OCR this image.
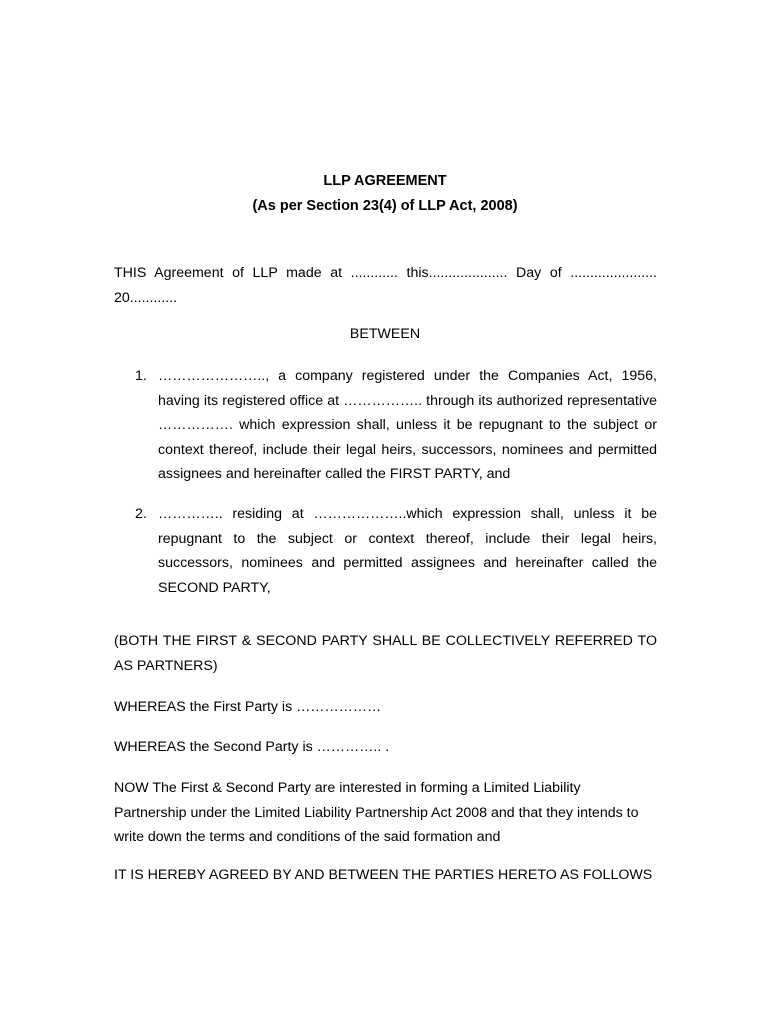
LLP AGREEMENT
(As per Section 23(4) of LLP Act, 2008)
THIS Agreement of LLP made at ............ this.................... Day of ...................... 20............
BETWEEN
1. ………………….., a company registered under the Companies Act, 1956, having its registered office at …………….. through its authorized representative ……………. which expression shall, unless it be repugnant to the subject or context thereof, include their legal heirs, successors, nominees and permitted assignees and hereinafter called the FIRST PARTY, and
2. ………….. residing at ………………..which expression shall, unless it be repugnant to the subject or context thereof, include their legal heirs, successors, nominees and permitted assignees and hereinafter called the SECOND PARTY,
(BOTH THE FIRST & SECOND PARTY SHALL BE COLLECTIVELY REFERRED TO AS PARTNERS)
WHEREAS the First Party is ………………
WHEREAS the Second Party is ………….. .
NOW The First & Second Party are interested in forming a Limited Liability Partnership under the Limited Liability Partnership Act 2008 and that they intends to write down the terms and conditions of the said formation and
IT IS HEREBY AGREED BY AND BETWEEN THE PARTIES HERETO AS FOLLOWS
